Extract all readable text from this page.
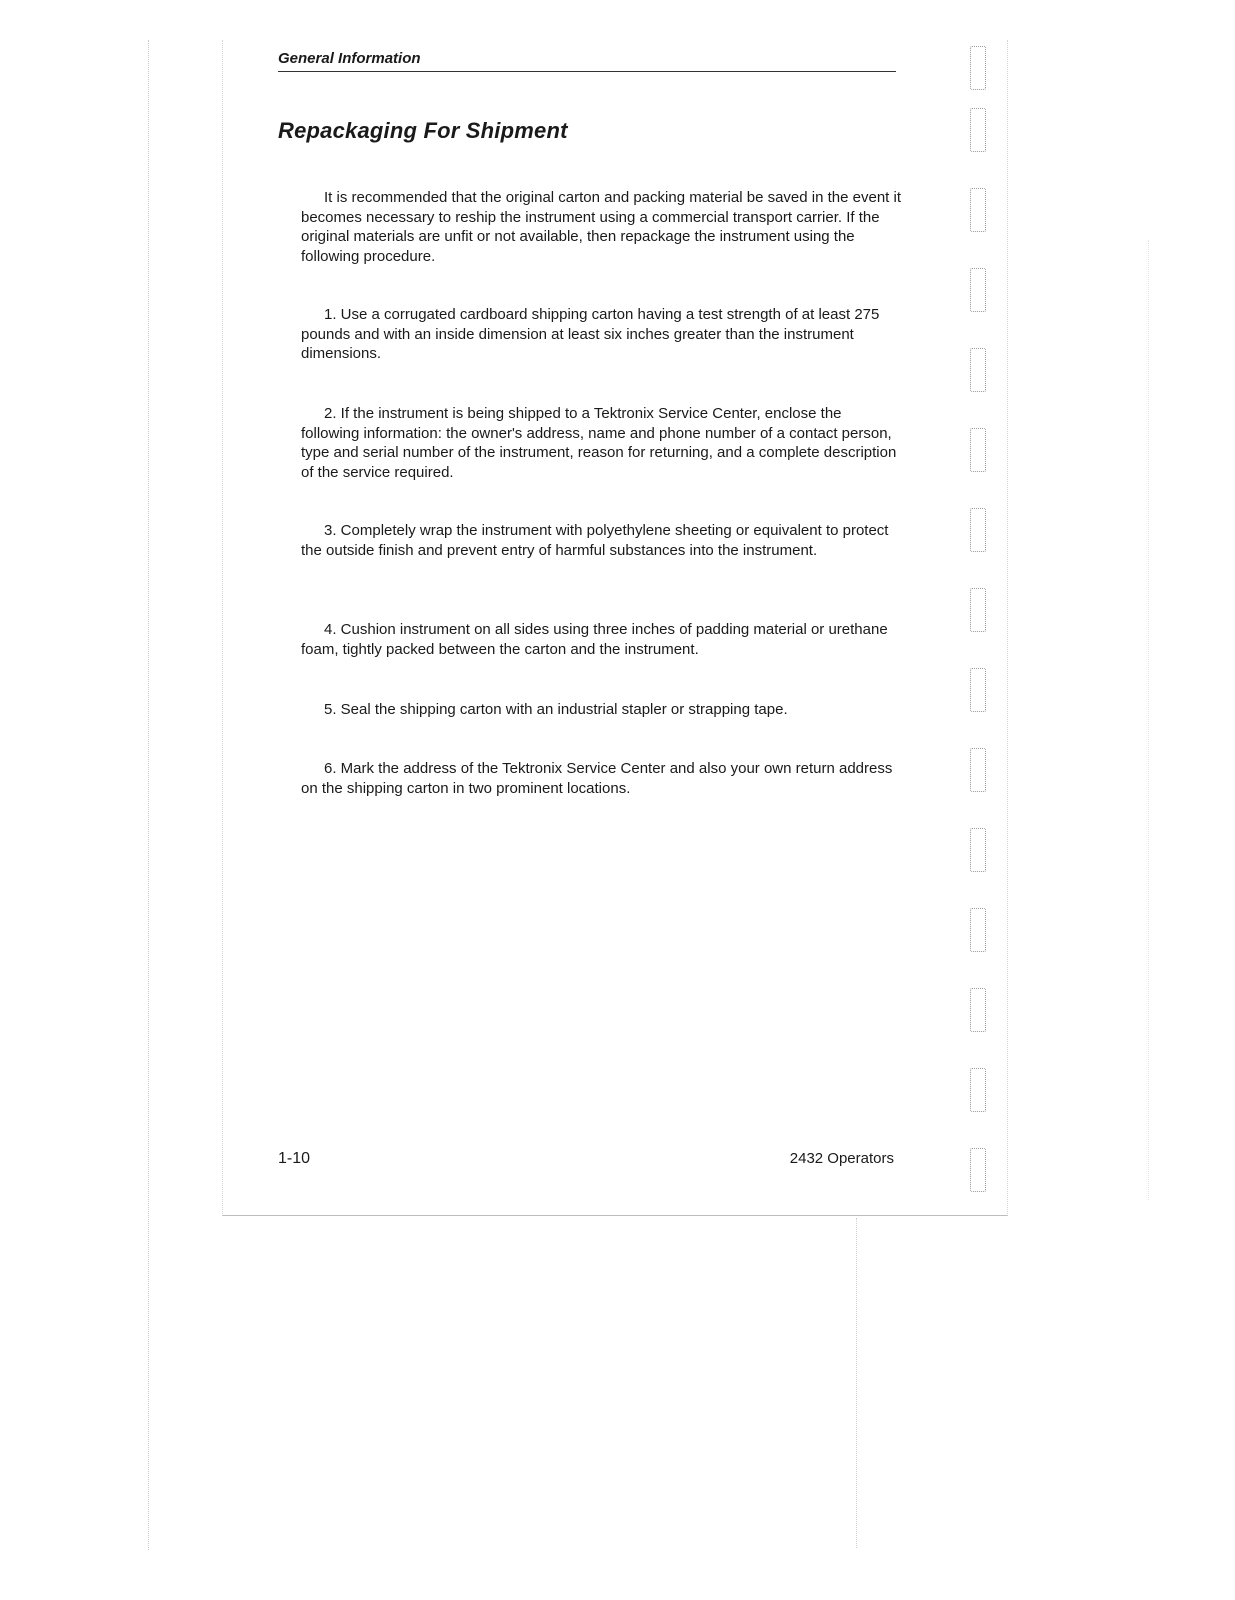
General Information
Repackaging For Shipment

It is recommended that the original carton and packing material be saved in the event it becomes necessary to reship the instrument using a commercial transport carrier. If the original materials are unfit or not available, then repackage the instrument using the following procedure.

1. Use a corrugated cardboard shipping carton having a test strength of at least 275 pounds and with an inside dimension at least six inches greater than the instrument dimensions.

2. If the instrument is being shipped to a Tektronix Service Center, enclose the following information: the owner's address, name and phone number of a contact person, type and serial number of the instrument, reason for returning, and a complete description of the service required.

3. Completely wrap the instrument with polyethylene sheeting or equivalent to protect the outside finish and prevent entry of harmful substances into the instrument.

4. Cushion instrument on all sides using three inches of padding material or urethane foam, tightly packed between the carton and the instrument.

5. Seal the shipping carton with an industrial stapler or strapping tape.

6. Mark the address of the Tektronix Service Center and also your own return address on the shipping carton in two prominent locations.

1-10	2432 Operators
